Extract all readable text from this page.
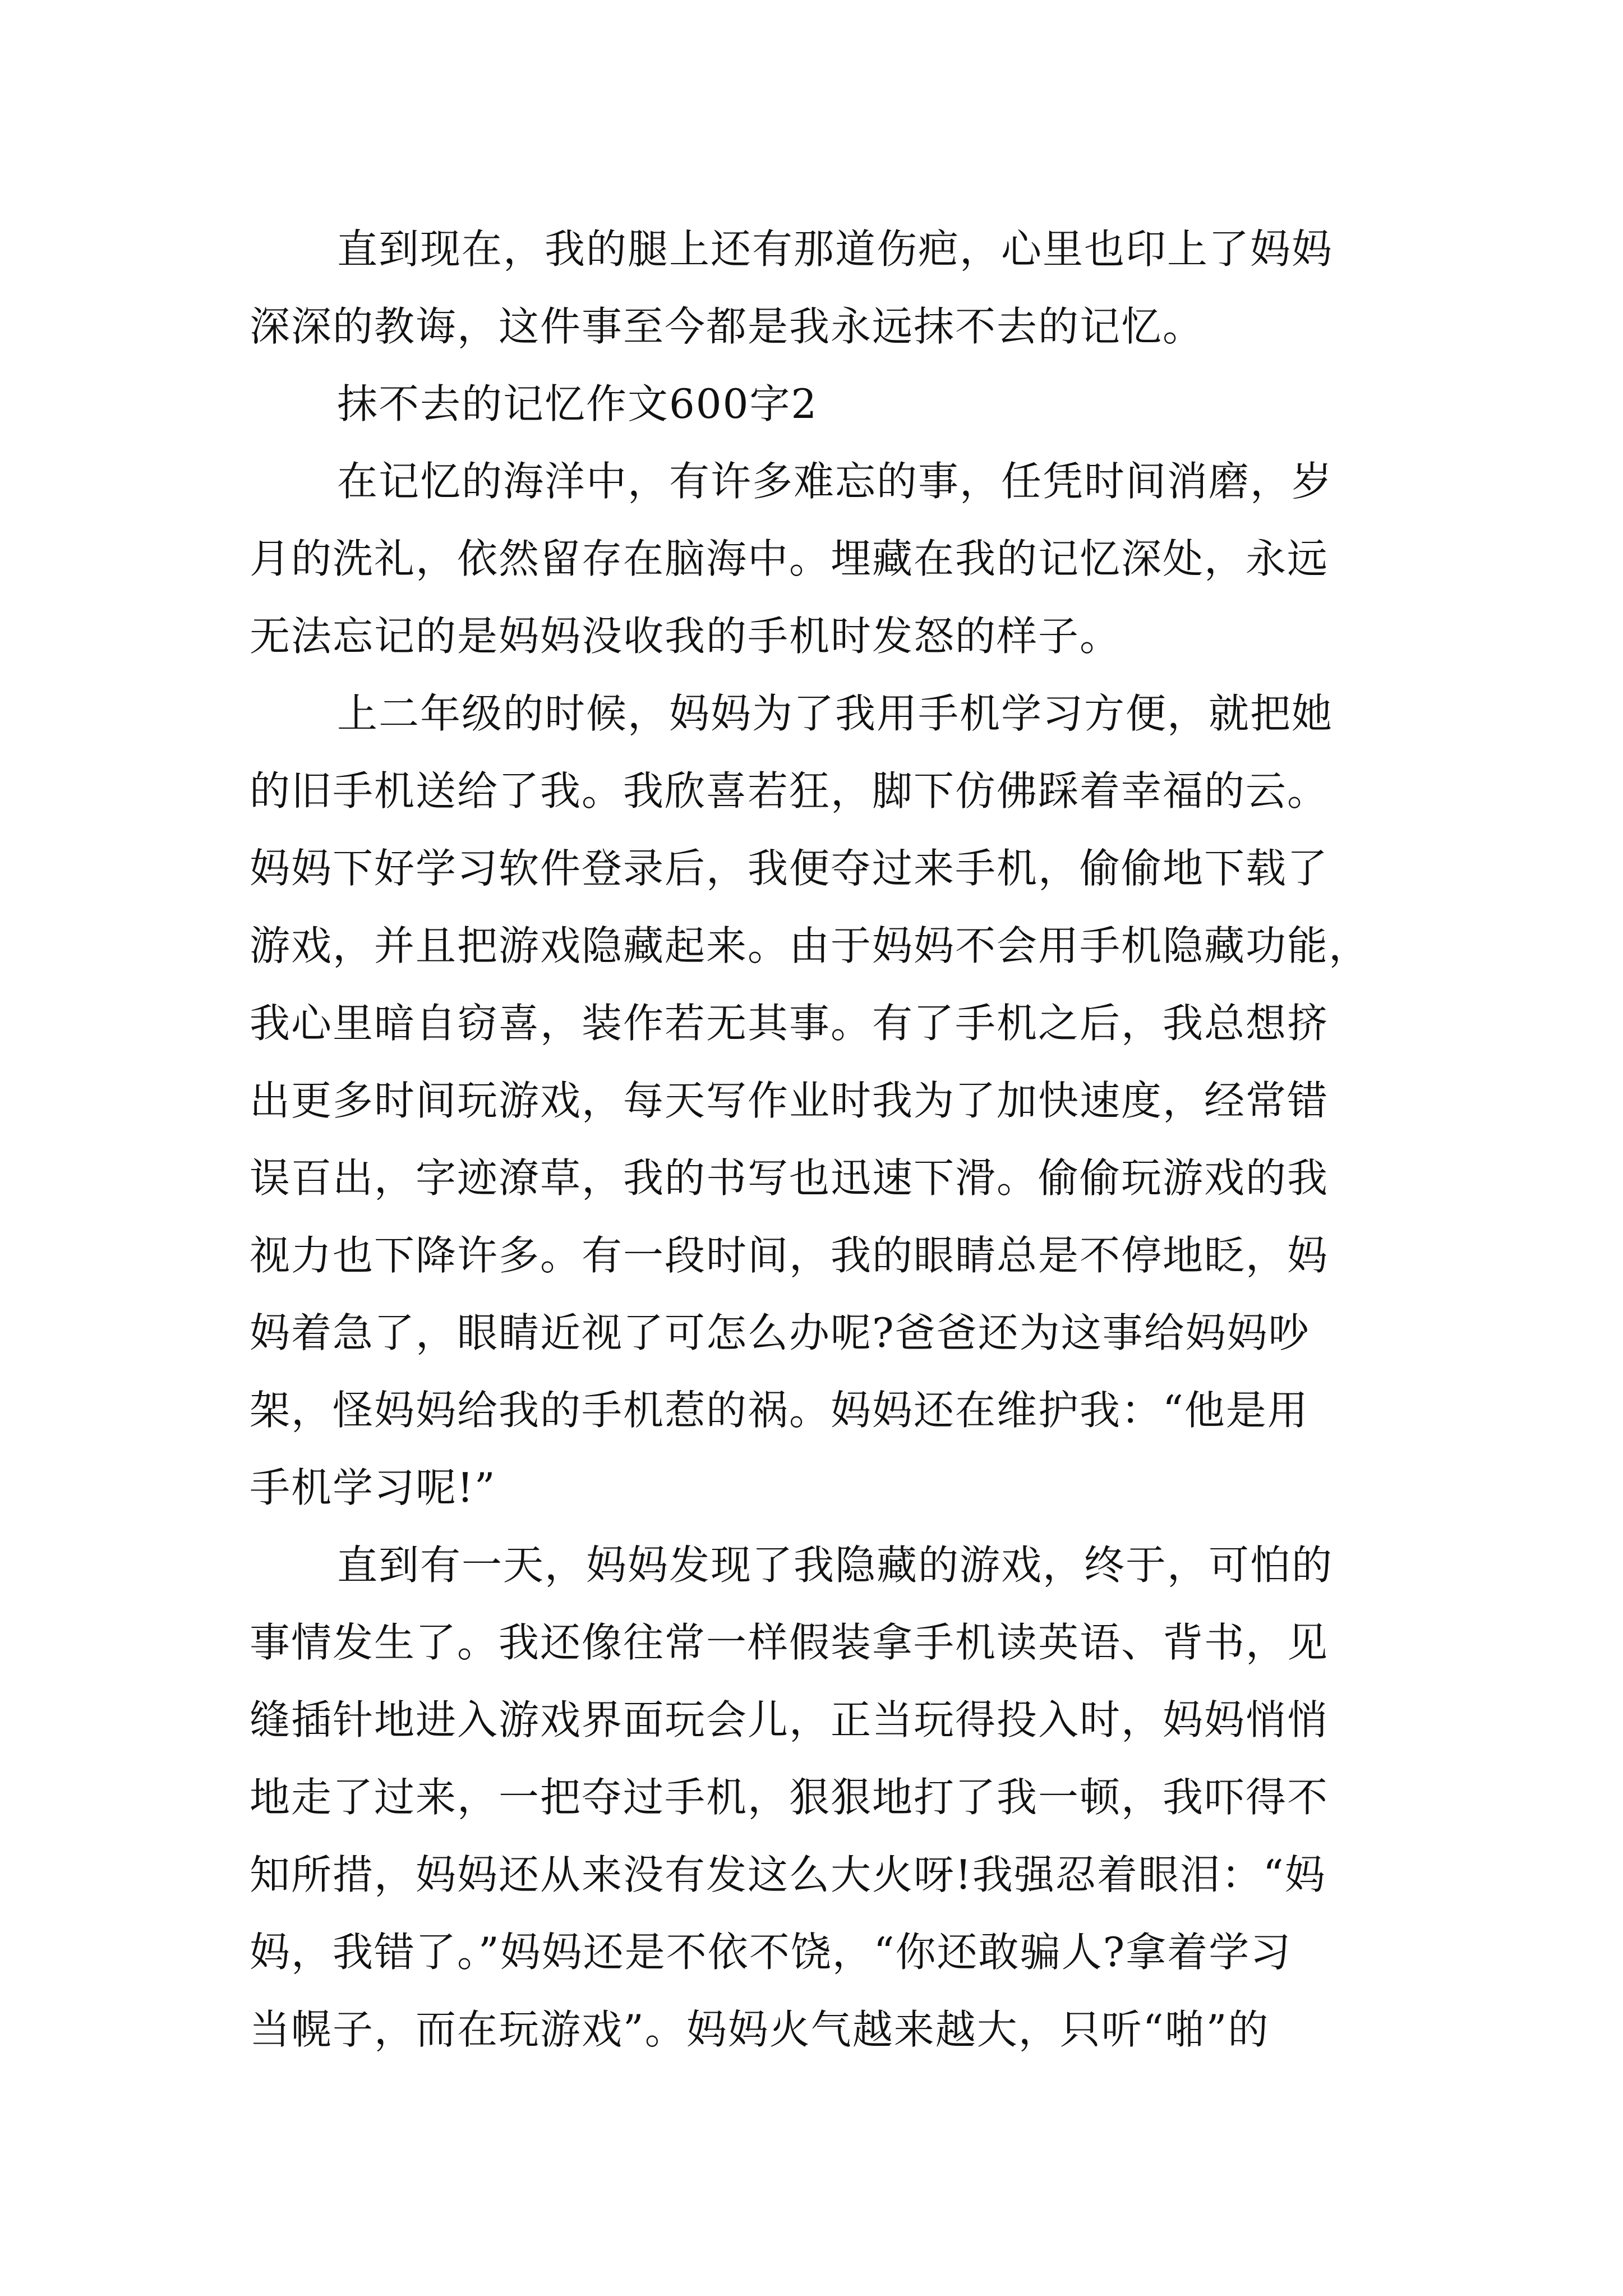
直到现在，我的腿上还有那道伤疤，心里也印上了妈妈
深深的教诲，这件事至今都是我永远抹不去的记忆。
抹不去的记忆作文600字2
在记忆的海洋中，有许多难忘的事，任凭时间消磨，岁
月的洗礼，依然留存在脑海中。埋藏在我的记忆深处，永远
无法忘记的是妈妈没收我的手机时发怒的样子。
上二年级的时候，妈妈为了我用手机学习方便，就把她
的旧手机送给了我。我欣喜若狂，脚下仿佛踩着幸福的云。
妈妈下好学习软件登录后，我便夺过来手机，偷偷地下载了
游戏，并且把游戏隐藏起来。由于妈妈不会用手机隐藏功能，
我心里暗自窃喜，装作若无其事。有了手机之后，我总想挤
出更多时间玩游戏，每天写作业时我为了加快速度，经常错
误百出，字迹潦草，我的书写也迅速下滑。偷偷玩游戏的我
视力也下降许多。有一段时间，我的眼睛总是不停地眨，妈
妈着急了，眼睛近视了可怎么办呢?爸爸还为这事给妈妈吵
架，怪妈妈给我的手机惹的祸。妈妈还在维护我：“他是用
手机学习呢!”
直到有一天，妈妈发现了我隐藏的游戏，终于，可怕的
事情发生了。我还像往常一样假装拿手机读英语、背书，见
缝插针地进入游戏界面玩会儿，正当玩得投入时，妈妈悄悄
地走了过来，一把夺过手机，狠狠地打了我一顿，我吓得不
知所措，妈妈还从来没有发这么大火呀!我强忍着眼泪：“妈
妈，我错了。”妈妈还是不依不饶，“你还敢骗人?拿着学习
当幌子，而在玩游戏”。妈妈火气越来越大，只听“啪”的
